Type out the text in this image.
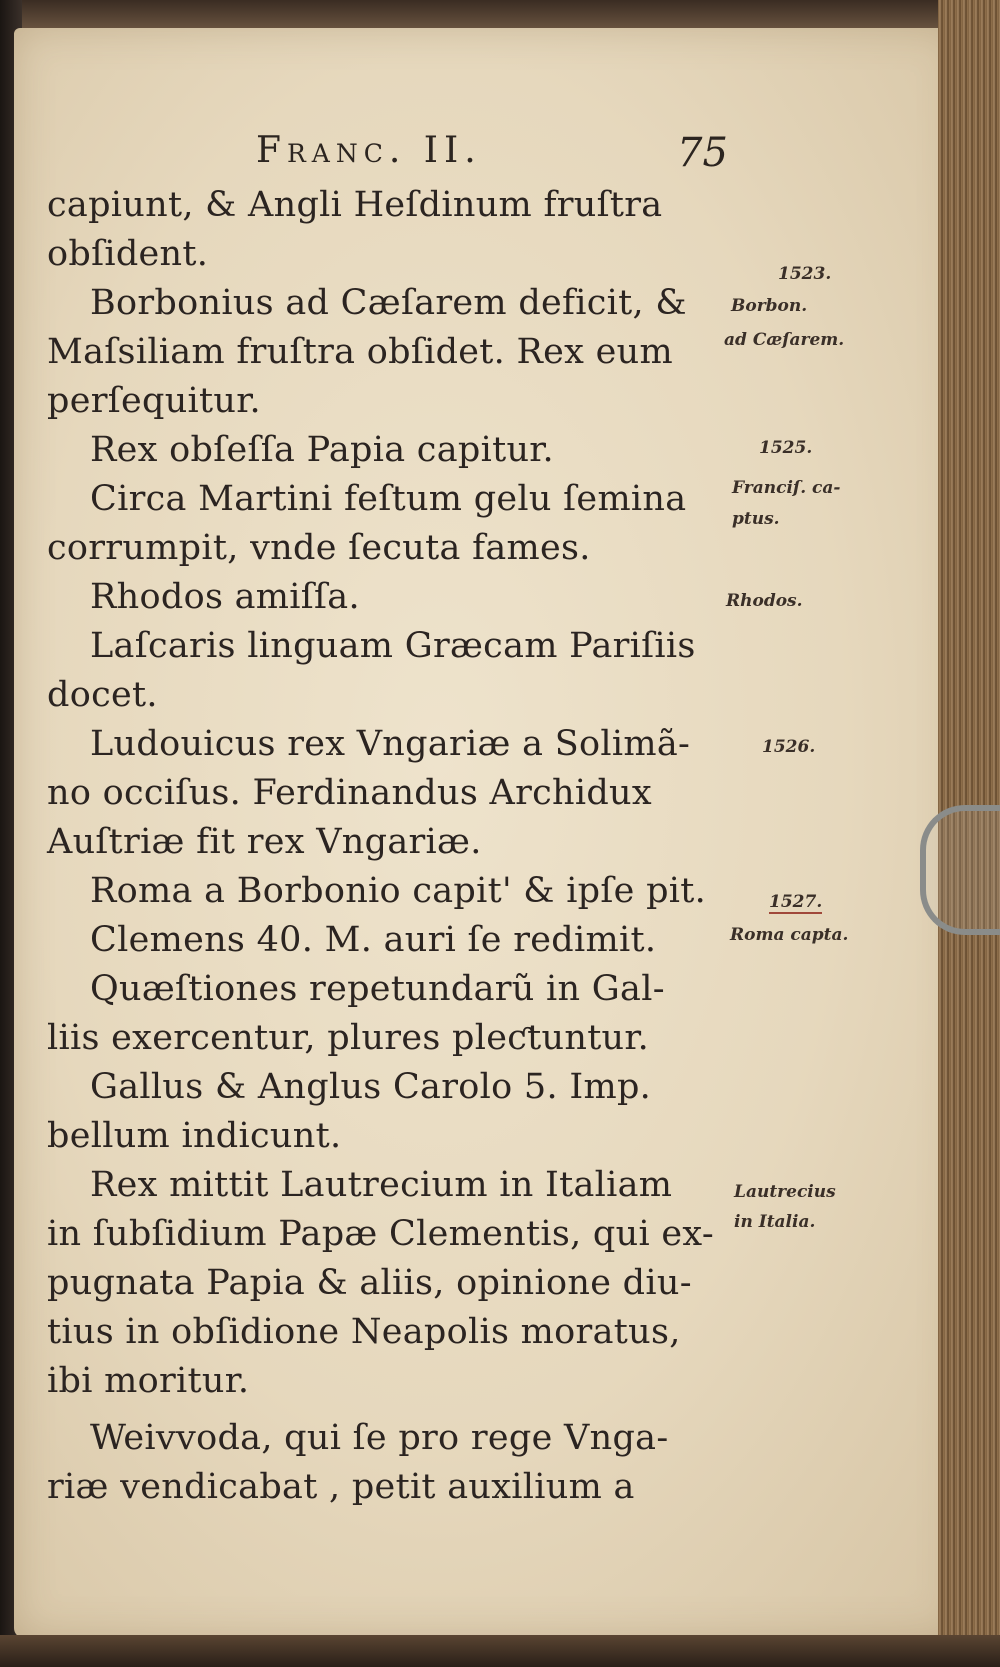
Franc. II.	75
capiunt, & Angli Heſdinum fruſtra
obſident.
Borbonius ad Cæſarem deficit, &
Maſsiliam fruſtra obſidet. Rex eum
perſequitur.
Rex obſeſſa Papia capitur.
Circa Martini feſtum gelu ſemina
corrumpit, vnde ſecuta fames.
Rhodos amiſſa.
Laſcaris linguam Græcam Pariſiis
docet.
Ludouicus rex Vngariæ a Solimã-
no occiſus. Ferdinandus Archidux
Auſtriæ fit rex Vngariæ.
Roma a Borbonio capit' & ipſe pit.
Clemens 40. M. auri ſe redimit.
Quæſtiones repetundarũ in Gal-
liis exercentur, plures pleƈtuntur.
Gallus & Anglus Carolo 5. Imp.
bellum indicunt.
Rex mittit Lautrecium in Italiam
in ſubſidium Papæ Clementis, qui ex-
pugnata Papia & aliis, opinione diu-
tius in obſidione Neapolis moratus,
ibi moritur.
Weivvoda, qui ſe pro rege Vnga-
riæ vendicabat , petit auxilium a
1523.
Borbon.
ad Cæſarem.
1525.
Franciſ. ca-
ptus.
Rhodos.
1526.
1527.
Roma capta.
Lautrecius
in Italia.
